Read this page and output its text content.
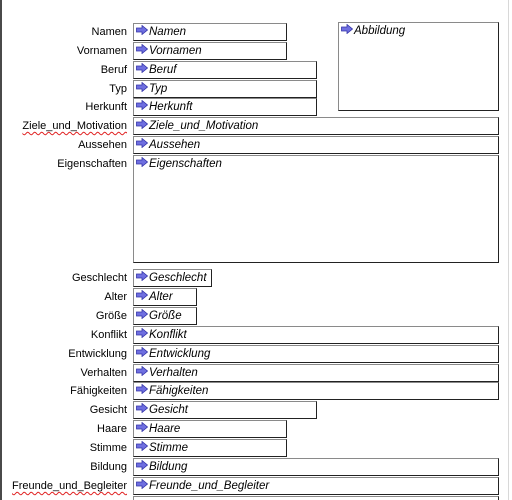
Namen
Vornamen
Beruf
Typ
Herkunft
Ziele_und_Motivation
Aussehen
Eigenschaften
Geschlecht
Alter
Größe
Konflikt
Entwicklung
Verhalten
Fähigkeiten
Gesicht
Haare
Stimme
Bildung
Freunde_und_Begleiter
Namen
Vornamen
Beruf
Typ
Herkunft
Abbildung
Ziele_und_Motivation
Aussehen
Eigenschaften
Geschlecht
Alter
Größe
Konflikt
Entwicklung
Verhalten
Fähigkeiten
Gesicht
Haare
Stimme
Bildung
Freunde_und_Begleiter
